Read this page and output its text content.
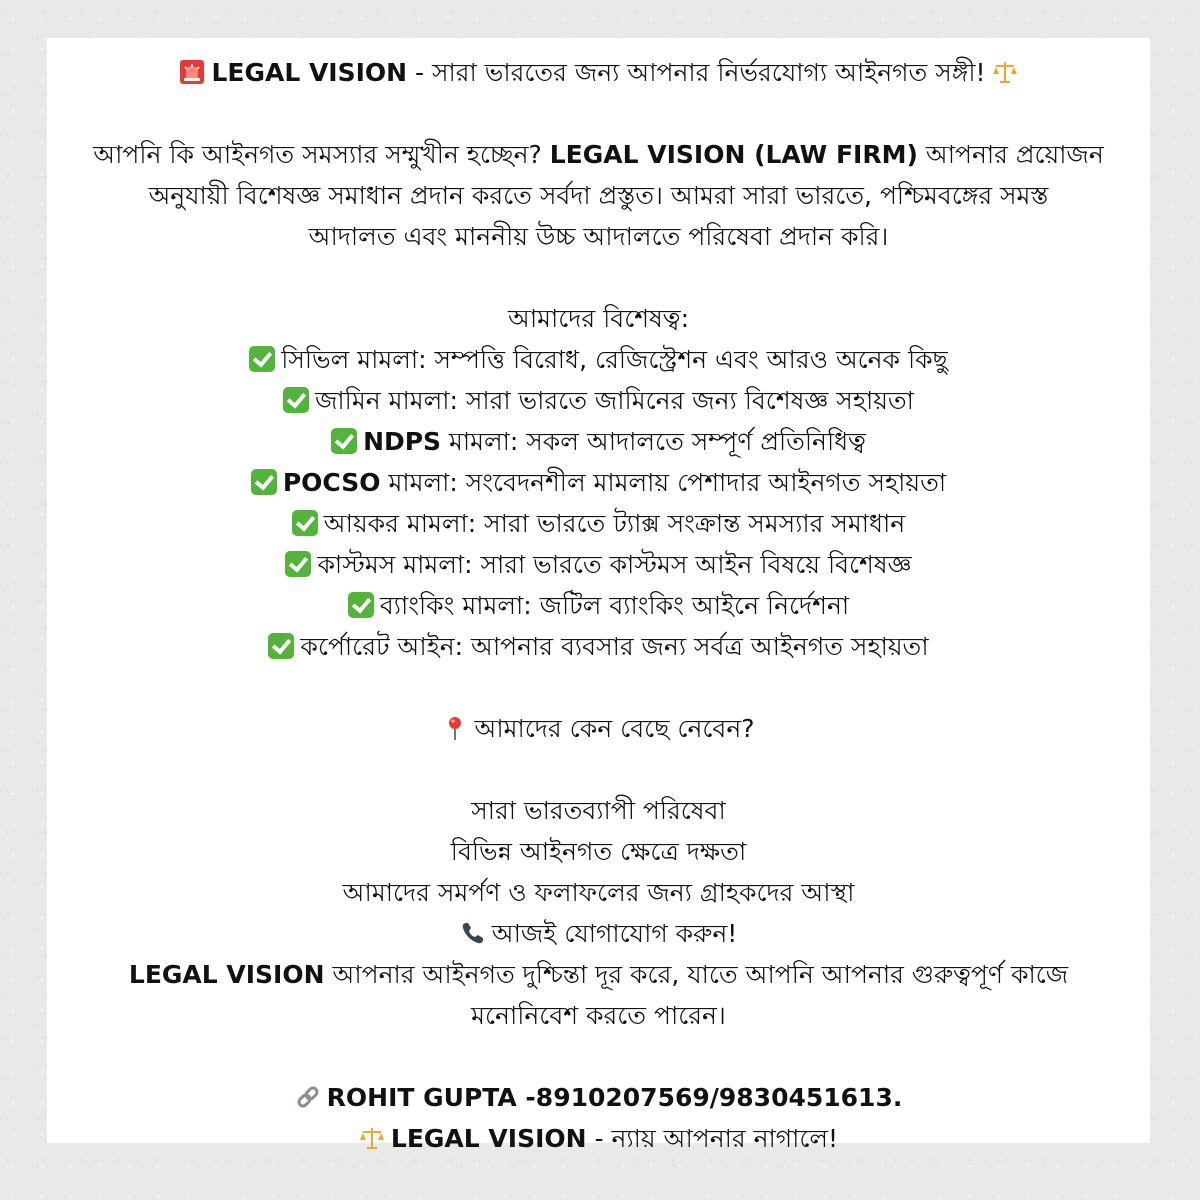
LEGAL VISION - সারা ভারতের জন্য আপনার নির্ভরযোগ্য আইনগত সঙ্গী!
আপনি কি আইনগত সমস্যার সম্মুখীন হচ্ছেন? LEGAL VISION (LAW FIRM) আপনার প্রয়োজন
অনুযায়ী বিশেষজ্ঞ সমাধান প্রদান করতে সর্বদা প্রস্তুত। আমরা সারা ভারতে, পশ্চিমবঙ্গের সমস্ত
আদালত এবং মাননীয় উচ্চ আদালতে পরিষেবা প্রদান করি।
আমাদের বিশেষত্ব:
সিভিল মামলা: সম্পত্তি বিরোধ, রেজিস্ট্রেশন এবং আরও অনেক কিছু
জামিন মামলা: সারা ভারতে জামিনের জন্য বিশেষজ্ঞ সহায়তা
NDPS মামলা: সকল আদালতে সম্পূর্ণ প্রতিনিধিত্ব
POCSO মামলা: সংবেদনশীল মামলায় পেশাদার আইনগত সহায়তা
আয়কর মামলা: সারা ভারতে ট্যাক্স সংক্রান্ত সমস্যার সমাধান
কাস্টমস মামলা: সারা ভারতে কাস্টমস আইন বিষয়ে বিশেষজ্ঞ
ব্যাংকিং মামলা: জটিল ব্যাংকিং আইনে নির্দেশনা
কর্পোরেট আইন: আপনার ব্যবসার জন্য সর্বত্র আইনগত সহায়তা
আমাদের কেন বেছে নেবেন?
সারা ভারতব্যাপী পরিষেবা
বিভিন্ন আইনগত ক্ষেত্রে দক্ষতা
আমাদের সমর্পণ ও ফলাফলের জন্য গ্রাহকদের আস্থা
আজই যোগাযোগ করুন!
LEGAL VISION আপনার আইনগত দুশ্চিন্তা দূর করে, যাতে আপনি আপনার গুরুত্বপূর্ণ কাজে
মনোনিবেশ করতে পারেন।
ROHIT GUPTA -8910207569/9830451613.
LEGAL VISION - ন্যায় আপনার নাগালে!
